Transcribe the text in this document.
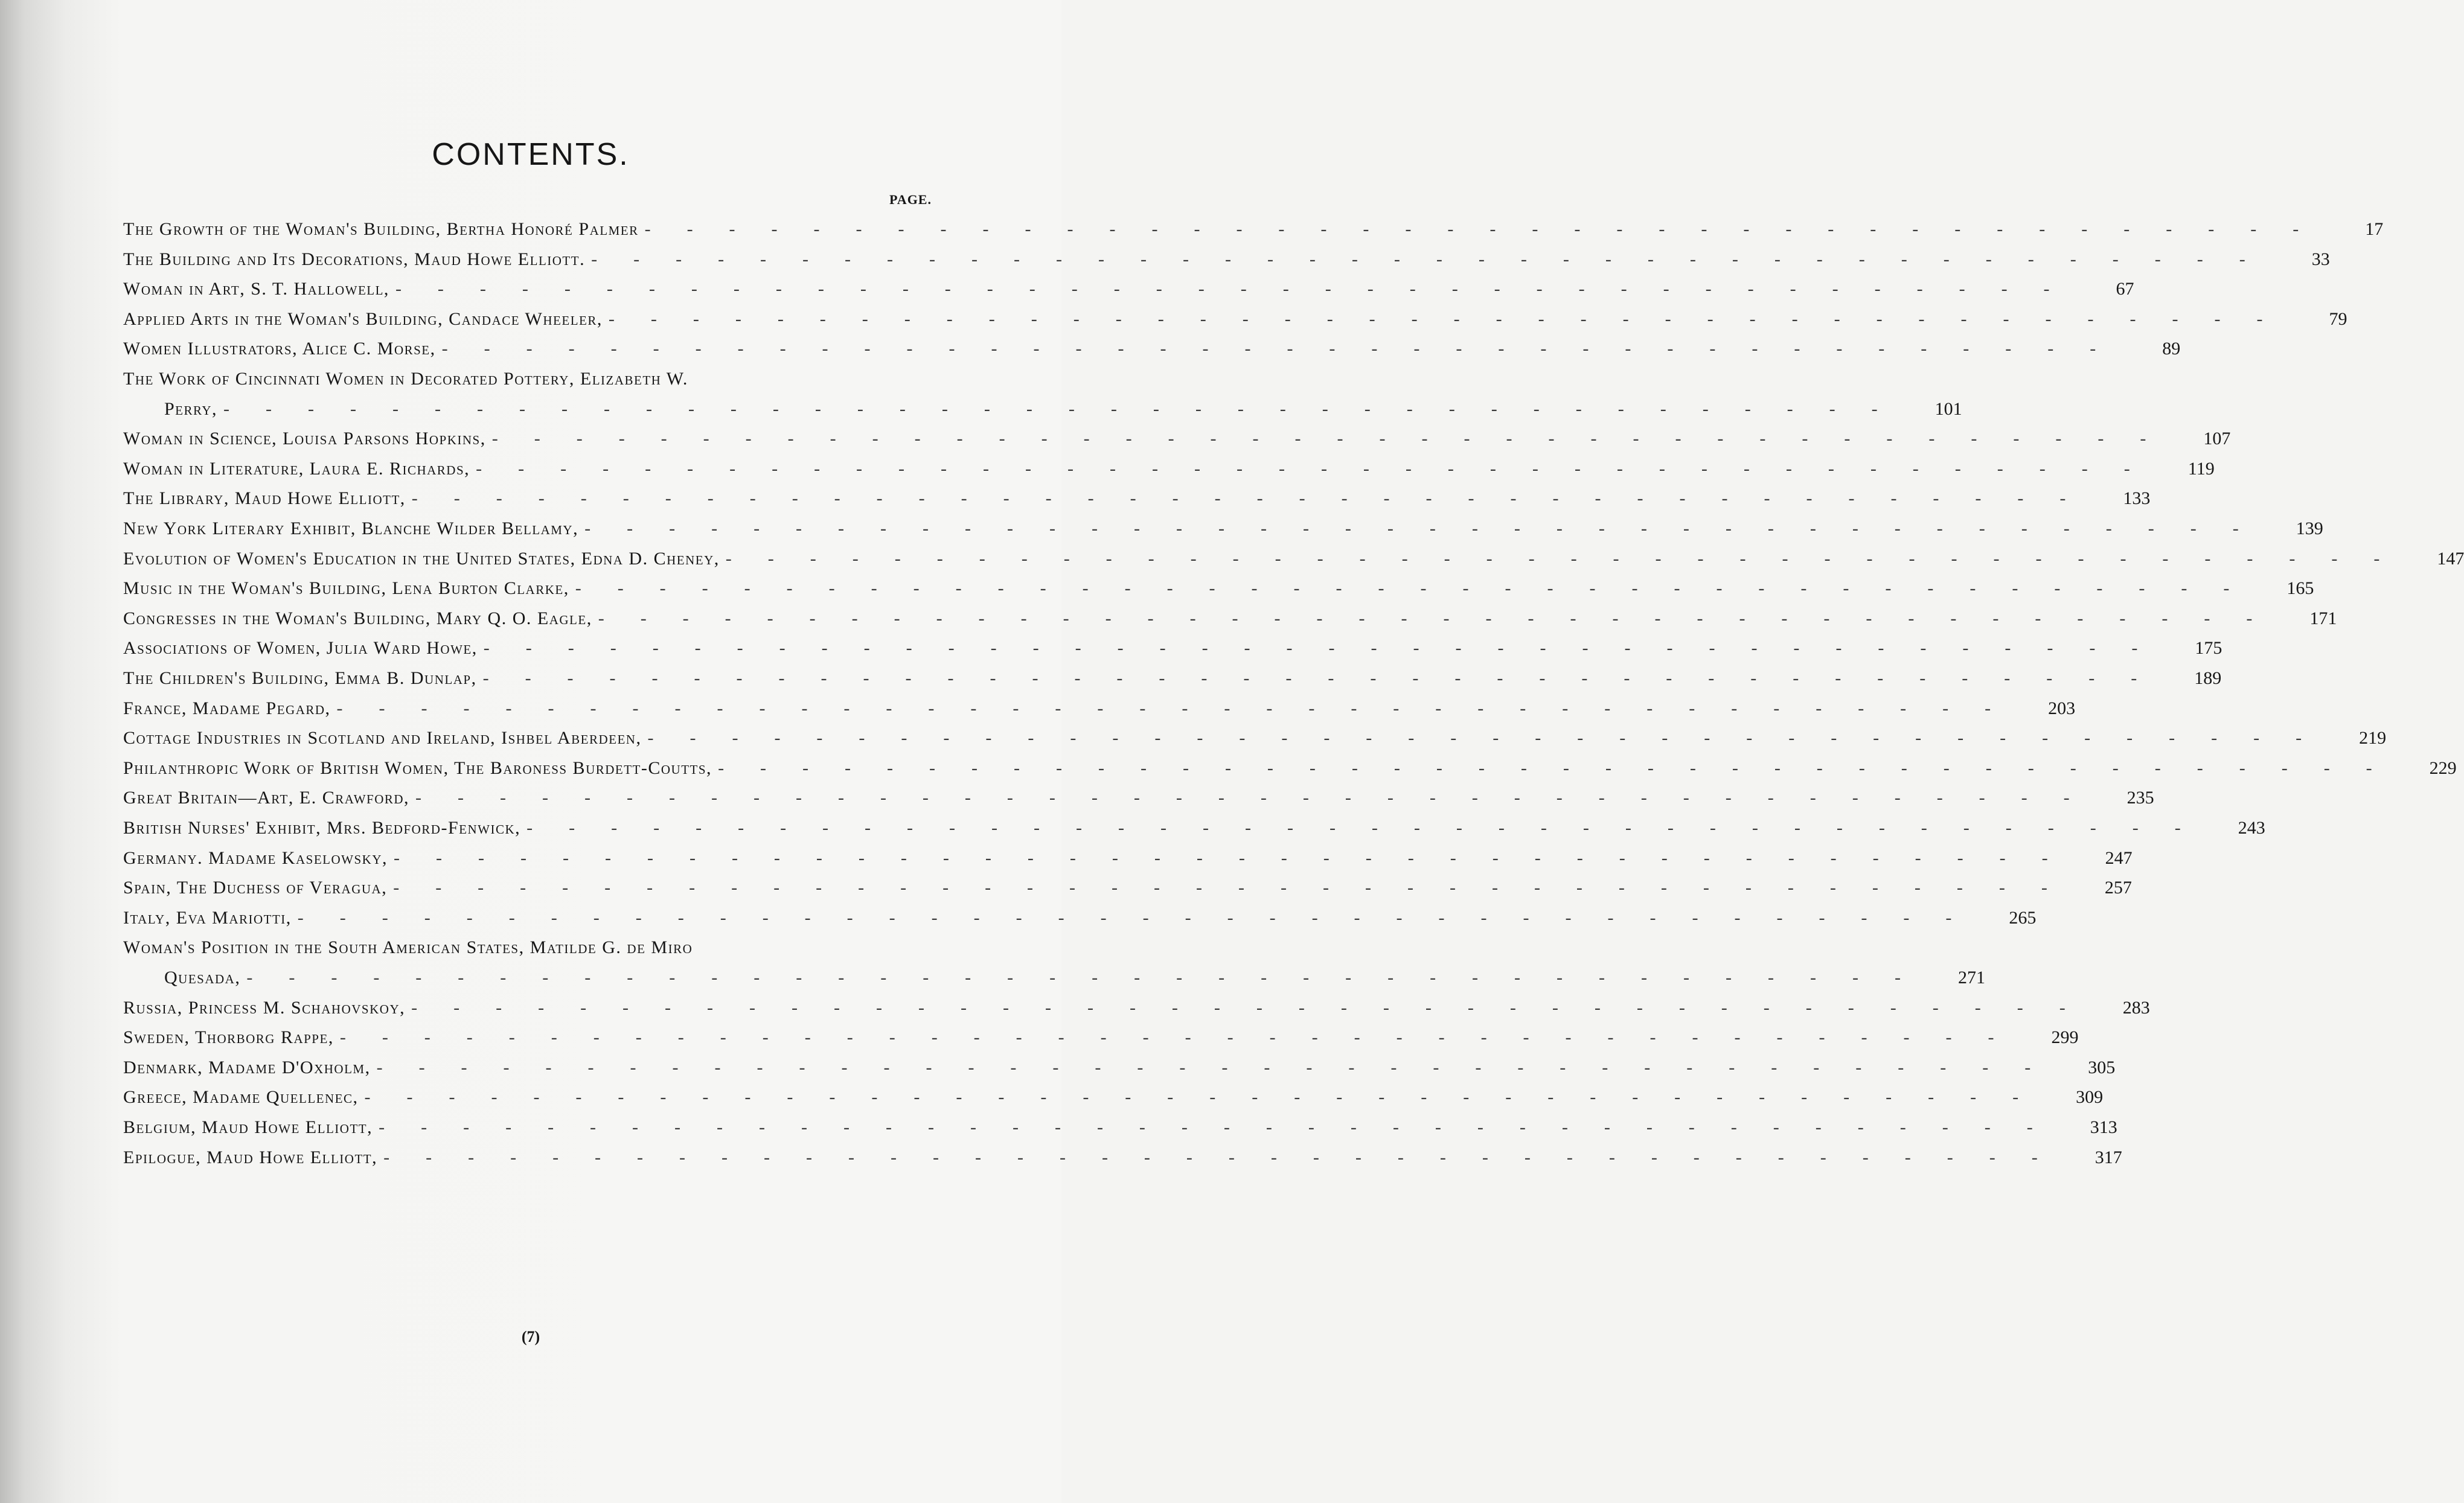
CONTENTS.
PAGE.
The Growth of the Woman's Building, Bertha Honoré Palmer -  -  -  -  -  -  -  -  -  -  -  -  -  -  -  -  -  -  -  -  -  -  -  -  -  -  -  -  -  -  -  -  -  -  -  -  -  -  -  -  	17
The Building and Its Decorations, Maud Howe Elliott. -  -  -  -  -  -  -  -  -  -  -  -  -  -  -  -  -  -  -  -  -  -  -  -  -  -  -  -  -  -  -  -  -  -  -  -  -  -  -  -  	33
Woman in Art, S. T. Hallowell, -  -  -  -  -  -  -  -  -  -  -  -  -  -  -  -  -  -  -  -  -  -  -  -  -  -  -  -  -  -  -  -  -  -  -  -  -  -  -  -  	67
Applied Arts in the Woman's Building, Candace Wheeler, -  -  -  -  -  -  -  -  -  -  -  -  -  -  -  -  -  -  -  -  -  -  -  -  -  -  -  -  -  -  -  -  -  -  -  -  -  -  -  -  	79
Women Illustrators, Alice C. Morse, -  -  -  -  -  -  -  -  -  -  -  -  -  -  -  -  -  -  -  -  -  -  -  -  -  -  -  -  -  -  -  -  -  -  -  -  -  -  -  -  	89
The Work of Cincinnati Women in Decorated Pottery, Elizabeth W.
Perry, -  -  -  -  -  -  -  -  -  -  -  -  -  -  -  -  -  -  -  -  -  -  -  -  -  -  -  -  -  -  -  -  -  -  -  -  -  -  -  -  	101
Woman in Science, Louisa Parsons Hopkins, -  -  -  -  -  -  -  -  -  -  -  -  -  -  -  -  -  -  -  -  -  -  -  -  -  -  -  -  -  -  -  -  -  -  -  -  -  -  -  -  	107
Woman in Literature, Laura E. Richards, -  -  -  -  -  -  -  -  -  -  -  -  -  -  -  -  -  -  -  -  -  -  -  -  -  -  -  -  -  -  -  -  -  -  -  -  -  -  -  -  	119
The Library, Maud Howe Elliott, -  -  -  -  -  -  -  -  -  -  -  -  -  -  -  -  -  -  -  -  -  -  -  -  -  -  -  -  -  -  -  -  -  -  -  -  -  -  -  -  	133
New York Literary Exhibit, Blanche Wilder Bellamy, -  -  -  -  -  -  -  -  -  -  -  -  -  -  -  -  -  -  -  -  -  -  -  -  -  -  -  -  -  -  -  -  -  -  -  -  -  -  -  -  	139
Evolution of Women's Education in the United States, Edna D. Cheney, -  -  -  -  -  -  -  -  -  -  -  -  -  -  -  -  -  -  -  -  -  -  -  -  -  -  -  -  -  -  -  -  -  -  -  -  -  -  -  -  	147
Music in the Woman's Building, Lena Burton Clarke, -  -  -  -  -  -  -  -  -  -  -  -  -  -  -  -  -  -  -  -  -  -  -  -  -  -  -  -  -  -  -  -  -  -  -  -  -  -  -  -  	165
Congresses in the Woman's Building, Mary Q. O. Eagle, -  -  -  -  -  -  -  -  -  -  -  -  -  -  -  -  -  -  -  -  -  -  -  -  -  -  -  -  -  -  -  -  -  -  -  -  -  -  -  -  	171
Associations of Women, Julia Ward Howe, -  -  -  -  -  -  -  -  -  -  -  -  -  -  -  -  -  -  -  -  -  -  -  -  -  -  -  -  -  -  -  -  -  -  -  -  -  -  -  -  	175
The Children's Building, Emma B. Dunlap, -  -  -  -  -  -  -  -  -  -  -  -  -  -  -  -  -  -  -  -  -  -  -  -  -  -  -  -  -  -  -  -  -  -  -  -  -  -  -  -  	189
France, Madame Pegard, -  -  -  -  -  -  -  -  -  -  -  -  -  -  -  -  -  -  -  -  -  -  -  -  -  -  -  -  -  -  -  -  -  -  -  -  -  -  -  -  	203
Cottage Industries in Scotland and Ireland, Ishbel Aberdeen, -  -  -  -  -  -  -  -  -  -  -  -  -  -  -  -  -  -  -  -  -  -  -  -  -  -  -  -  -  -  -  -  -  -  -  -  -  -  -  -  	219
Philanthropic Work of British Women, The Baroness Burdett-Coutts, -  -  -  -  -  -  -  -  -  -  -  -  -  -  -  -  -  -  -  -  -  -  -  -  -  -  -  -  -  -  -  -  -  -  -  -  -  -  -  -  	229
Great Britain—Art, E. Crawford, -  -  -  -  -  -  -  -  -  -  -  -  -  -  -  -  -  -  -  -  -  -  -  -  -  -  -  -  -  -  -  -  -  -  -  -  -  -  -  -  	235
British Nurses' Exhibit, Mrs. Bedford-Fenwick, -  -  -  -  -  -  -  -  -  -  -  -  -  -  -  -  -  -  -  -  -  -  -  -  -  -  -  -  -  -  -  -  -  -  -  -  -  -  -  -  	243
Germany. Madame Kaselowsky, -  -  -  -  -  -  -  -  -  -  -  -  -  -  -  -  -  -  -  -  -  -  -  -  -  -  -  -  -  -  -  -  -  -  -  -  -  -  -  -  	247
Spain, The Duchess of Veragua, -  -  -  -  -  -  -  -  -  -  -  -  -  -  -  -  -  -  -  -  -  -  -  -  -  -  -  -  -  -  -  -  -  -  -  -  -  -  -  -  	257
Italy, Eva Mariotti, -  -  -  -  -  -  -  -  -  -  -  -  -  -  -  -  -  -  -  -  -  -  -  -  -  -  -  -  -  -  -  -  -  -  -  -  -  -  -  -  	265
Woman's Position in the South American States, Matilde G. de Miro
Quesada, -  -  -  -  -  -  -  -  -  -  -  -  -  -  -  -  -  -  -  -  -  -  -  -  -  -  -  -  -  -  -  -  -  -  -  -  -  -  -  -  	271
Russia, Princess M. Schahovskoy, -  -  -  -  -  -  -  -  -  -  -  -  -  -  -  -  -  -  -  -  -  -  -  -  -  -  -  -  -  -  -  -  -  -  -  -  -  -  -  -  	283
Sweden, Thorborg Rappe, -  -  -  -  -  -  -  -  -  -  -  -  -  -  -  -  -  -  -  -  -  -  -  -  -  -  -  -  -  -  -  -  -  -  -  -  -  -  -  -  	299
Denmark, Madame D'Oxholm, -  -  -  -  -  -  -  -  -  -  -  -  -  -  -  -  -  -  -  -  -  -  -  -  -  -  -  -  -  -  -  -  -  -  -  -  -  -  -  -  	305
Greece, Madame Quellenec, -  -  -  -  -  -  -  -  -  -  -  -  -  -  -  -  -  -  -  -  -  -  -  -  -  -  -  -  -  -  -  -  -  -  -  -  -  -  -  -  	309
Belgium, Maud Howe Elliott, -  -  -  -  -  -  -  -  -  -  -  -  -  -  -  -  -  -  -  -  -  -  -  -  -  -  -  -  -  -  -  -  -  -  -  -  -  -  -  -  	313
Epilogue, Maud Howe Elliott, -  -  -  -  -  -  -  -  -  -  -  -  -  -  -  -  -  -  -  -  -  -  -  -  -  -  -  -  -  -  -  -  -  -  -  -  -  -  -  -  	317
(7)
